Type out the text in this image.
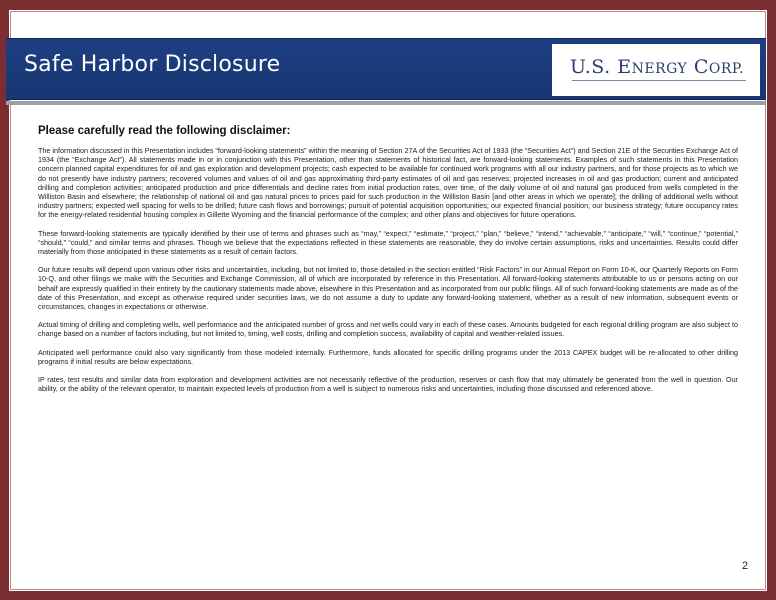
Safe Harbor Disclosure	U.S. ENERGY CORP.
Please carefully read the following disclaimer:

The information discussed in this Presentation includes “forward-looking statements” within the meaning of Section 27A of the Securities Act of 1933 (the “Securities Act”) and Section 21E of the Securities Exchange Act of 1934 (the “Exchange Act”). All statements made in or in conjunction with this Presentation, other than statements of historical fact, are forward-looking statements. Examples of such statements in this Presentation concern planned capital expenditures for oil and gas exploration and development projects; cash expected to be available for continued work programs with all our industry partners, and for those projects as to which we do not presently have industry partners; recovered volumes and values of oil and gas approximating third-party estimates of oil and gas reserves; projected increases in oil and gas production; current and anticipated drilling and completion activities; anticipated production and price differentials and decline rates from initial production rates, over time, of the daily volume of oil and natural gas produced from wells completed in the Williston Basin and elsewhere; the relationship of national oil and gas natural prices to prices paid for such production in the Williston Basin [and other areas in which we operate]; the drilling of additional wells without industry partners; expected well spacing for wells to be drilled; future cash flows and borrowings; pursuit of potential acquisition opportunities; our expected financial position; our business strategy; future occupancy rates for the energy-related residential housing complex in Gillette Wyoming and the financial performance of the complex; and other plans and objectives for future operations.

These forward-looking statements are typically identified by their use of terms and phrases such as “may,” “expect,” “estimate,” “project,” “plan,” “believe,” “intend,” “achievable,” “anticipate,” “will,” “continue,” “potential,” “should,” “could,” and similar terms and phrases. Though we believe that the expectations reflected in these statements are reasonable, they do involve certain assumptions, risks and uncertainties. Results could differ materially from those anticipated in these statements as a result of certain factors.

Our future results will depend upon various other risks and uncertainties, including, but not limited to, those detailed in the section entitled “Risk Factors” in our Annual Report on Form 10-K, our Quarterly Reports on Form 10-Q, and other filings we make with the Securities and Exchange Commission, all of which are incorporated by reference in this Presentation. All forward-looking statements attributable to us or persons acting on our behalf are expressly qualified in their entirety by the cautionary statements made above, elsewhere in this Presentation and as incorporated from our public filings. All of such forward-looking statements are made as of the date of this Presentation, and except as otherwise required under securities laws, we do not assume a duty to update any forward-looking statement, whether as a result of new information, subsequent events or circumstances, changes in expectations or otherwise.

Actual timing of drilling and completing wells, well performance and the anticipated number of gross and net wells could vary in each of these cases. Amounts budgeted for each regional drilling program are also subject to change based on a number of factors including, but not limited to, timing, well costs, drilling and completion success, availability of capital and weather-related issues.

Anticipated well performance could also vary significantly from those modeled internally. Furthermore, funds allocated for specific drilling programs under the 2013 CAPEX budget will be re-allocated to other drilling programs if initial results are below expectations.

IP rates, test results and similar data from exploration and development activities are not necessarily reflective of the production, reserves or cash flow that may ultimately be generated from the well in question. Our ability, or the ability of the relevant operator, to maintain expected levels of production from a well is subject to numerous risks and uncertainties, including those discussed and referenced above.

2
